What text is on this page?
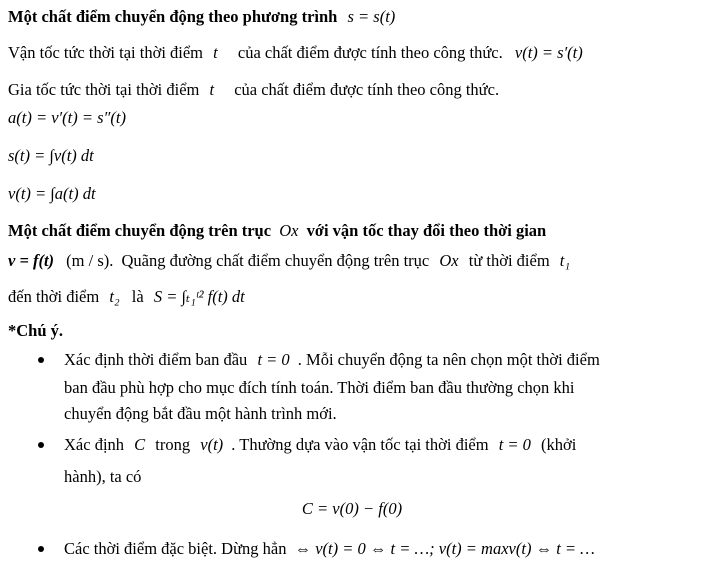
Một chất điểm chuyển động theo phương trình s = s(t)
Vận tốc tức thời tại thời điểm t của chất điểm được tính theo công thức. v(t) = s′(t)
Gia tốc tức thời tại thời điểm t của chất điểm được tính theo công thức.
a(t) = v′(t) = s″(t)
s(t) = ∫v(t) dt
v(t) = ∫a(t) dt
Một chất điểm chuyển động trên trục Ox với vận tốc thay đổi theo thời gian
v = f(t) (m / s). Quãng đường chất điểm chuyển động trên trục Ox từ thời điểm t₁
đến thời điểm t₂ là S = ∫ₜ₁ᵗ² f(t) dt
*Chú ý.
Xác định thời điểm ban đầu t = 0 . Mỗi chuyển động ta nên chọn một thời điểm
ban đầu phù hợp cho mục đích tính toán. Thời điểm ban đầu thường chọn khi
chuyển động bắt đầu một hành trình mới.
Xác định C trong v(t) . Thường dựa vào vận tốc tại thời điểm t = 0 (khởi
hành), ta có
C = v(0) − f(0)
Các thời điểm đặc biệt. Dừng hẳn ⇔ v(t) = 0 ⇔ t = …; v(t) = maxv(t) ⇔ t = …
